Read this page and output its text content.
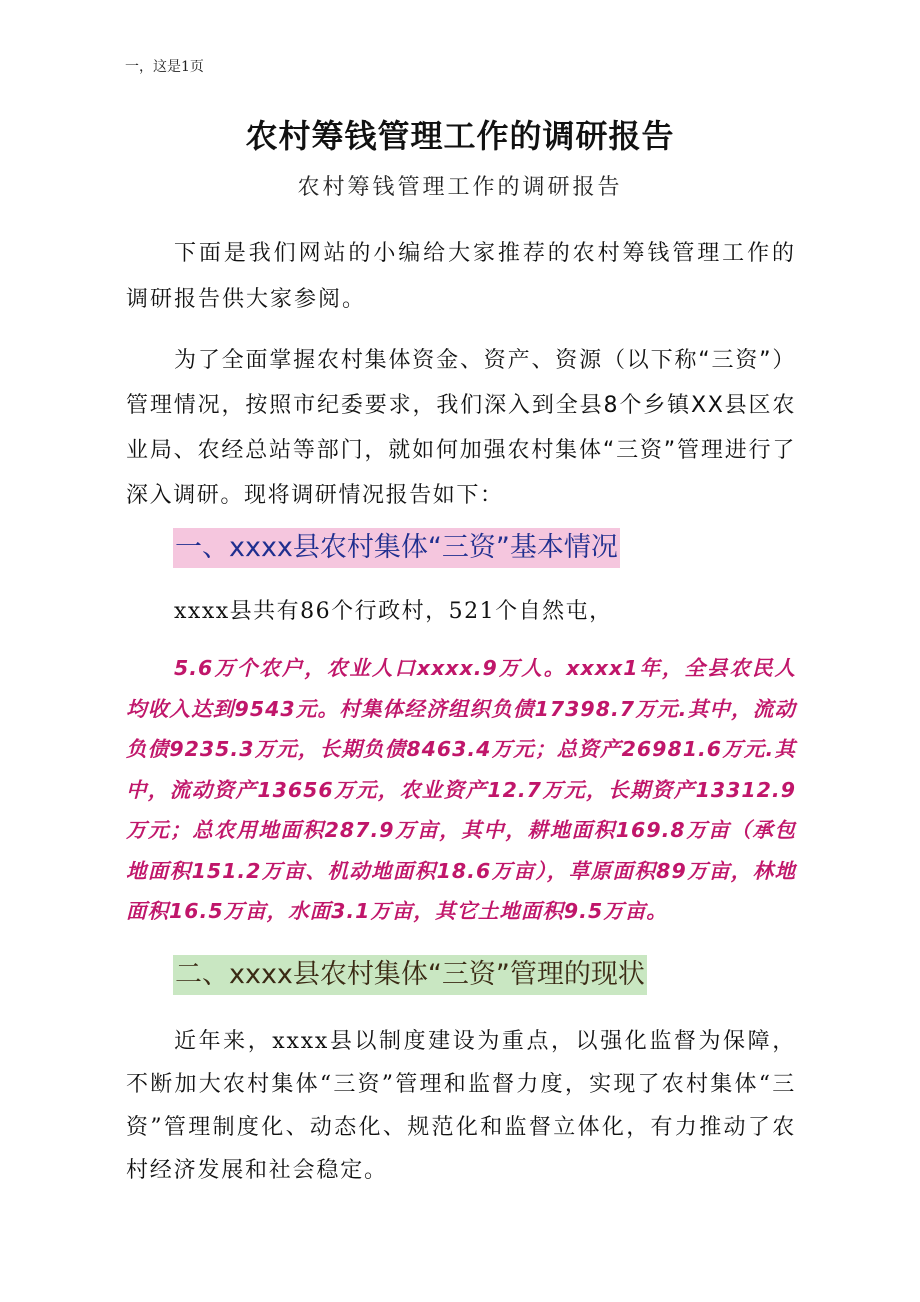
一，这是1页
农村筹钱管理工作的调研报告
农村筹钱管理工作的调研报告
下面是我们网站的小编给大家推荐的农村筹钱管理工作的调研报告供大家参阅。
为了全面掌握农村集体资金、资产、资源（以下称“三资”）管理情况，按照市纪委要求，我们深入到全县8个乡镇XX县区农业局、农经总站等部门，就如何加强农村集体“三资”管理进行了深入调研。现将调研情况报告如下：
一、xxxx县农村集体“三资”基本情况
xxxx县共有86个行政村，521个自然屯，
5.6万个农户，农业人口xxxx.9万人。xxxx1年，全县农民人均收入达到9543元。村集体经济组织负债17398.7万元.其中，流动负债9235.3万元，长期负债8463.4万元；总资产26981.6万元.其中，流动资产13656万元，农业资产12.7万元，长期资产13312.9万元；总农用地面积287.9万亩，其中，耕地面积169.8万亩（承包地面积151.2万亩、机动地面积18.6万亩），草原面积89万亩，林地面积16.5万亩，水面3.1万亩，其它土地面积9.5万亩。
二、xxxx县农村集体“三资”管理的现状
近年来，xxxx县以制度建设为重点，以强化监督为保障，不断加大农村集体“三资”管理和监督力度，实现了农村集体“三资”管理制度化、动态化、规范化和监督立体化，有力推动了农村经济发展和社会稳定。
